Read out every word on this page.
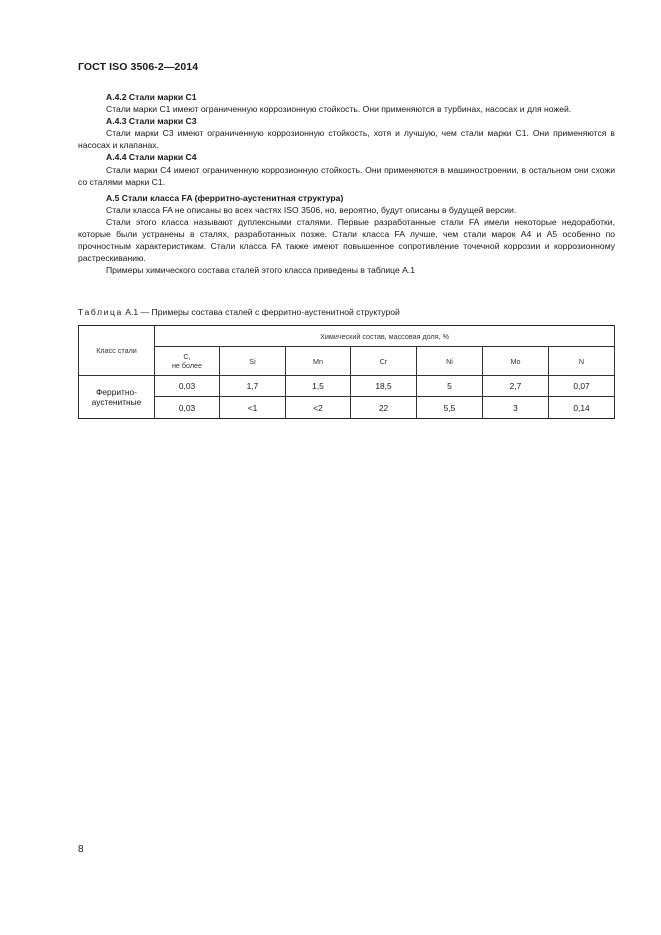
ГОСТ ISO 3506-2—2014

А.4.2 Стали марки С1

Стали марки С1 имеют ограниченную коррозионную стойкость. Они применяются в турбинах, насосах и для ножей.

А.4.3 Стали марки С3

Стали марки С3 имеют ограниченную коррозионную стойкость, хотя и лучшую, чем стали марки С1. Они применяются в насосах и клапанах.

А.4.4 Стали марки С4

Стали марки С4 имеют ограниченную коррозионную стойкость. Они применяются в машиностроении, в остальном они схожи со сталями марки С1.

А.5 Стали класса FA (ферритно-аустенитная структура)

Стали класса FA не описаны во всех частях ISO 3506, но, вероятно, будут описаны в будущей версии.

Стали этого класса называют дуплексными сталями. Первые разработанные стали FA имели некоторые недоработки, которые были устранены в сталях, разработанных позже. Стали класса FA лучше, чем стали марок А4 и А5 особенно по прочностным характеристикам. Стали класса FA также имеют повышенное сопротивление точечной коррозии и коррозионному растрескиванию.

Примеры химического состава сталей этого класса приведены в таблице А.1

Таблица А.1 — Примеры состава сталей с ферритно-аустенитной структурой
Класс стали	Химический состав, массовая доля, %						
	C,
не более	Si	Mn	Cr	Ni	Mo	N
Ферритно-аустенитные	0,03	1,7	1,5	18,5	5	2,7	0,07
	0,03	<1	<2	22	5,5	3	0,14
8
